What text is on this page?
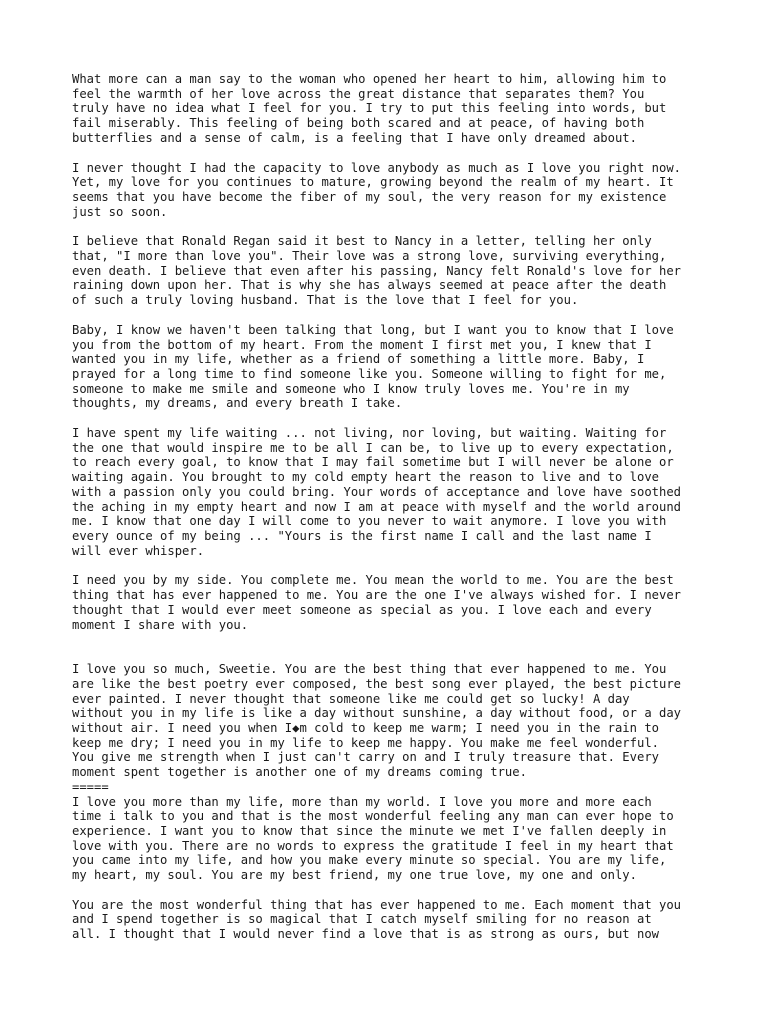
What more can a man say to the woman who opened her heart to him, allowing him to
feel the warmth of her love across the great distance that separates them? You
truly have no idea what I feel for you. I try to put this feeling into words, but
fail miserably. This feeling of being both scared and at peace, of having both
butterflies and a sense of calm, is a feeling that I have only dreamed about.

I never thought I had the capacity to love anybody as much as I love you right now.
Yet, my love for you continues to mature, growing beyond the realm of my heart. It
seems that you have become the fiber of my soul, the very reason for my existence
just so soon.

I believe that Ronald Regan said it best to Nancy in a letter, telling her only
that, "I more than love you". Their love was a strong love, surviving everything,
even death. I believe that even after his passing, Nancy felt Ronald's love for her
raining down upon her. That is why she has always seemed at peace after the death
of such a truly loving husband. That is the love that I feel for you.

Baby, I know we haven't been talking that long, but I want you to know that I love
you from the bottom of my heart. From the moment I first met you, I knew that I
wanted you in my life, whether as a friend of something a little more. Baby, I
prayed for a long time to find someone like you. Someone willing to fight for me,
someone to make me smile and someone who I know truly loves me. You're in my
thoughts, my dreams, and every breath I take.

I have spent my life waiting ... not living, nor loving, but waiting. Waiting for
the one that would inspire me to be all I can be, to live up to every expectation,
to reach every goal, to know that I may fail sometime but I will never be alone or
waiting again. You brought to my cold empty heart the reason to live and to love
with a passion only you could bring. Your words of acceptance and love have soothed
the aching in my empty heart and now I am at peace with myself and the world around
me. I know that one day I will come to you never to wait anymore. I love you with
every ounce of my being ... "Yours is the first name I call and the last name I
will ever whisper.

I need you by my side. You complete me. You mean the world to me. You are the best
thing that has ever happened to me. You are the one I've always wished for. I never
thought that I would ever meet someone as special as you. I love each and every
moment I share with you.

I love you so much, Sweetie. You are the best thing that ever happened to me. You
are like the best poetry ever composed, the best song ever played, the best picture
ever painted. I never thought that someone like me could get so lucky! A day
without you in my life is like a day without sunshine, a day without food, or a day
without air. I need you when I◆m cold to keep me warm; I need you in the rain to
keep me dry; I need you in my life to keep me happy. You make me feel wonderful.
You give me strength when I just can't carry on and I truly treasure that. Every
moment spent together is another one of my dreams coming true.

=====

I love you more than my life, more than my world. I love you more and more each
time i talk to you and that is the most wonderful feeling any man can ever hope to
experience. I want you to know that since the minute we met I've fallen deeply in
love with you. There are no words to express the gratitude I feel in my heart that
you came into my life, and how you make every minute so special. You are my life,
my heart, my soul. You are my best friend, my one true love, my one and only.

You are the most wonderful thing that has ever happened to me. Each moment that you
and I spend together is so magical that I catch myself smiling for no reason at
all. I thought that I would never find a love that is as strong as ours, but now
